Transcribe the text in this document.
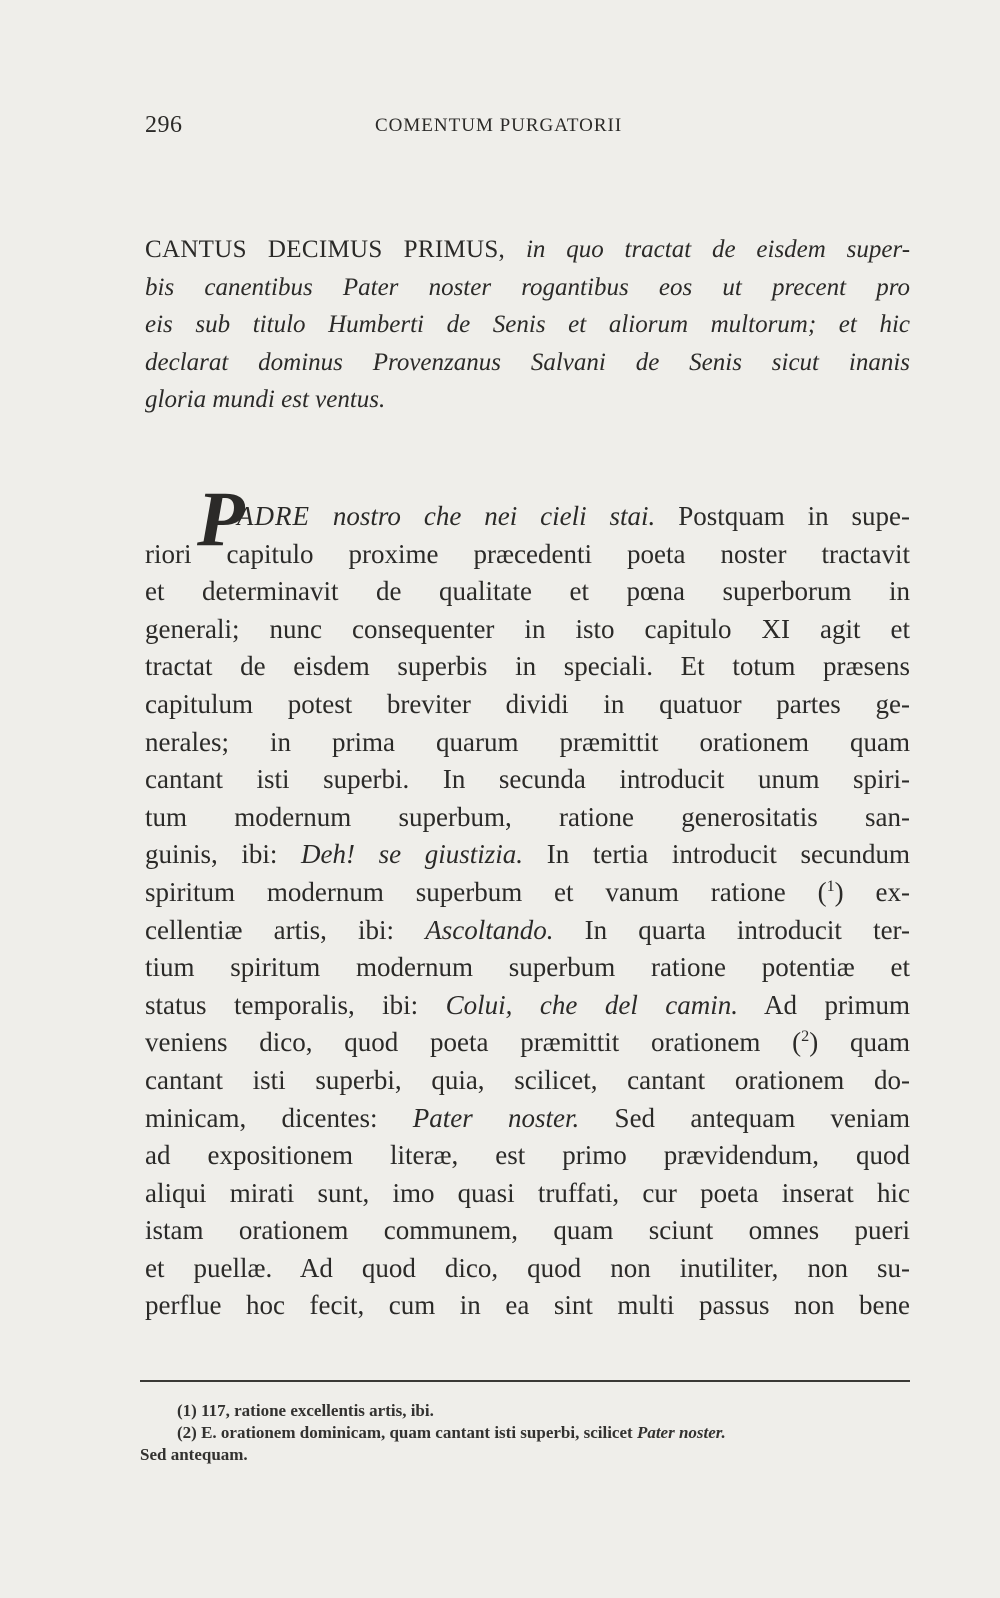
296	COMENTUM PURGATORII
CANTUS DECIMUS PRIMUS, in quo tractat de eisdem super-
bis canentibus Pater noster rogantibus eos ut precent pro
eis sub titulo Humberti de Senis et aliorum multorum; et hic
declarat dominus Provenzanus Salvani de Senis sicut inanis
gloria mundi est ventus.
P
ADRE nostro che nei cieli stai. Postquam in supe-
riori capitulo proxime præcedenti poeta noster tractavit
et determinavit de qualitate et pœna superborum in
generali; nunc consequenter in isto capitulo XI agit et
tractat de eisdem superbis in speciali. Et totum præsens
capitulum potest breviter dividi in quatuor partes ge-
nerales; in prima quarum præmittit orationem quam
cantant isti superbi. In secunda introducit unum spiri-
tum modernum superbum, ratione generositatis san-
guinis, ibi: Deh! se giustizia. In tertia introducit secundum
spiritum modernum superbum et vanum ratione ($^1$) ex-
cellentiæ artis, ibi: Ascoltando. In quarta introducit ter-
tium spiritum modernum superbum ratione potentiæ et
status temporalis, ibi: Colui, che del camin. Ad primum
veniens dico, quod poeta præmittit orationem ($^2$) quam
cantant isti superbi, quia, scilicet, cantant orationem do-
minicam, dicentes: Pater noster. Sed antequam veniam
ad expositionem literæ, est primo prævidendum, quod
aliqui mirati sunt, imo quasi truffati, cur poeta inserat hic
istam orationem communem, quam sciunt omnes pueri
et puellæ. Ad quod dico, quod non inutiliter, non su-
perflue hoc fecit, cum in ea sint multi passus non bene
(1) 117, ratione excellentis artis, ibi.
(2) E. orationem dominicam, quam cantant isti superbi, scilicet Pater noster.
Sed antequam.
